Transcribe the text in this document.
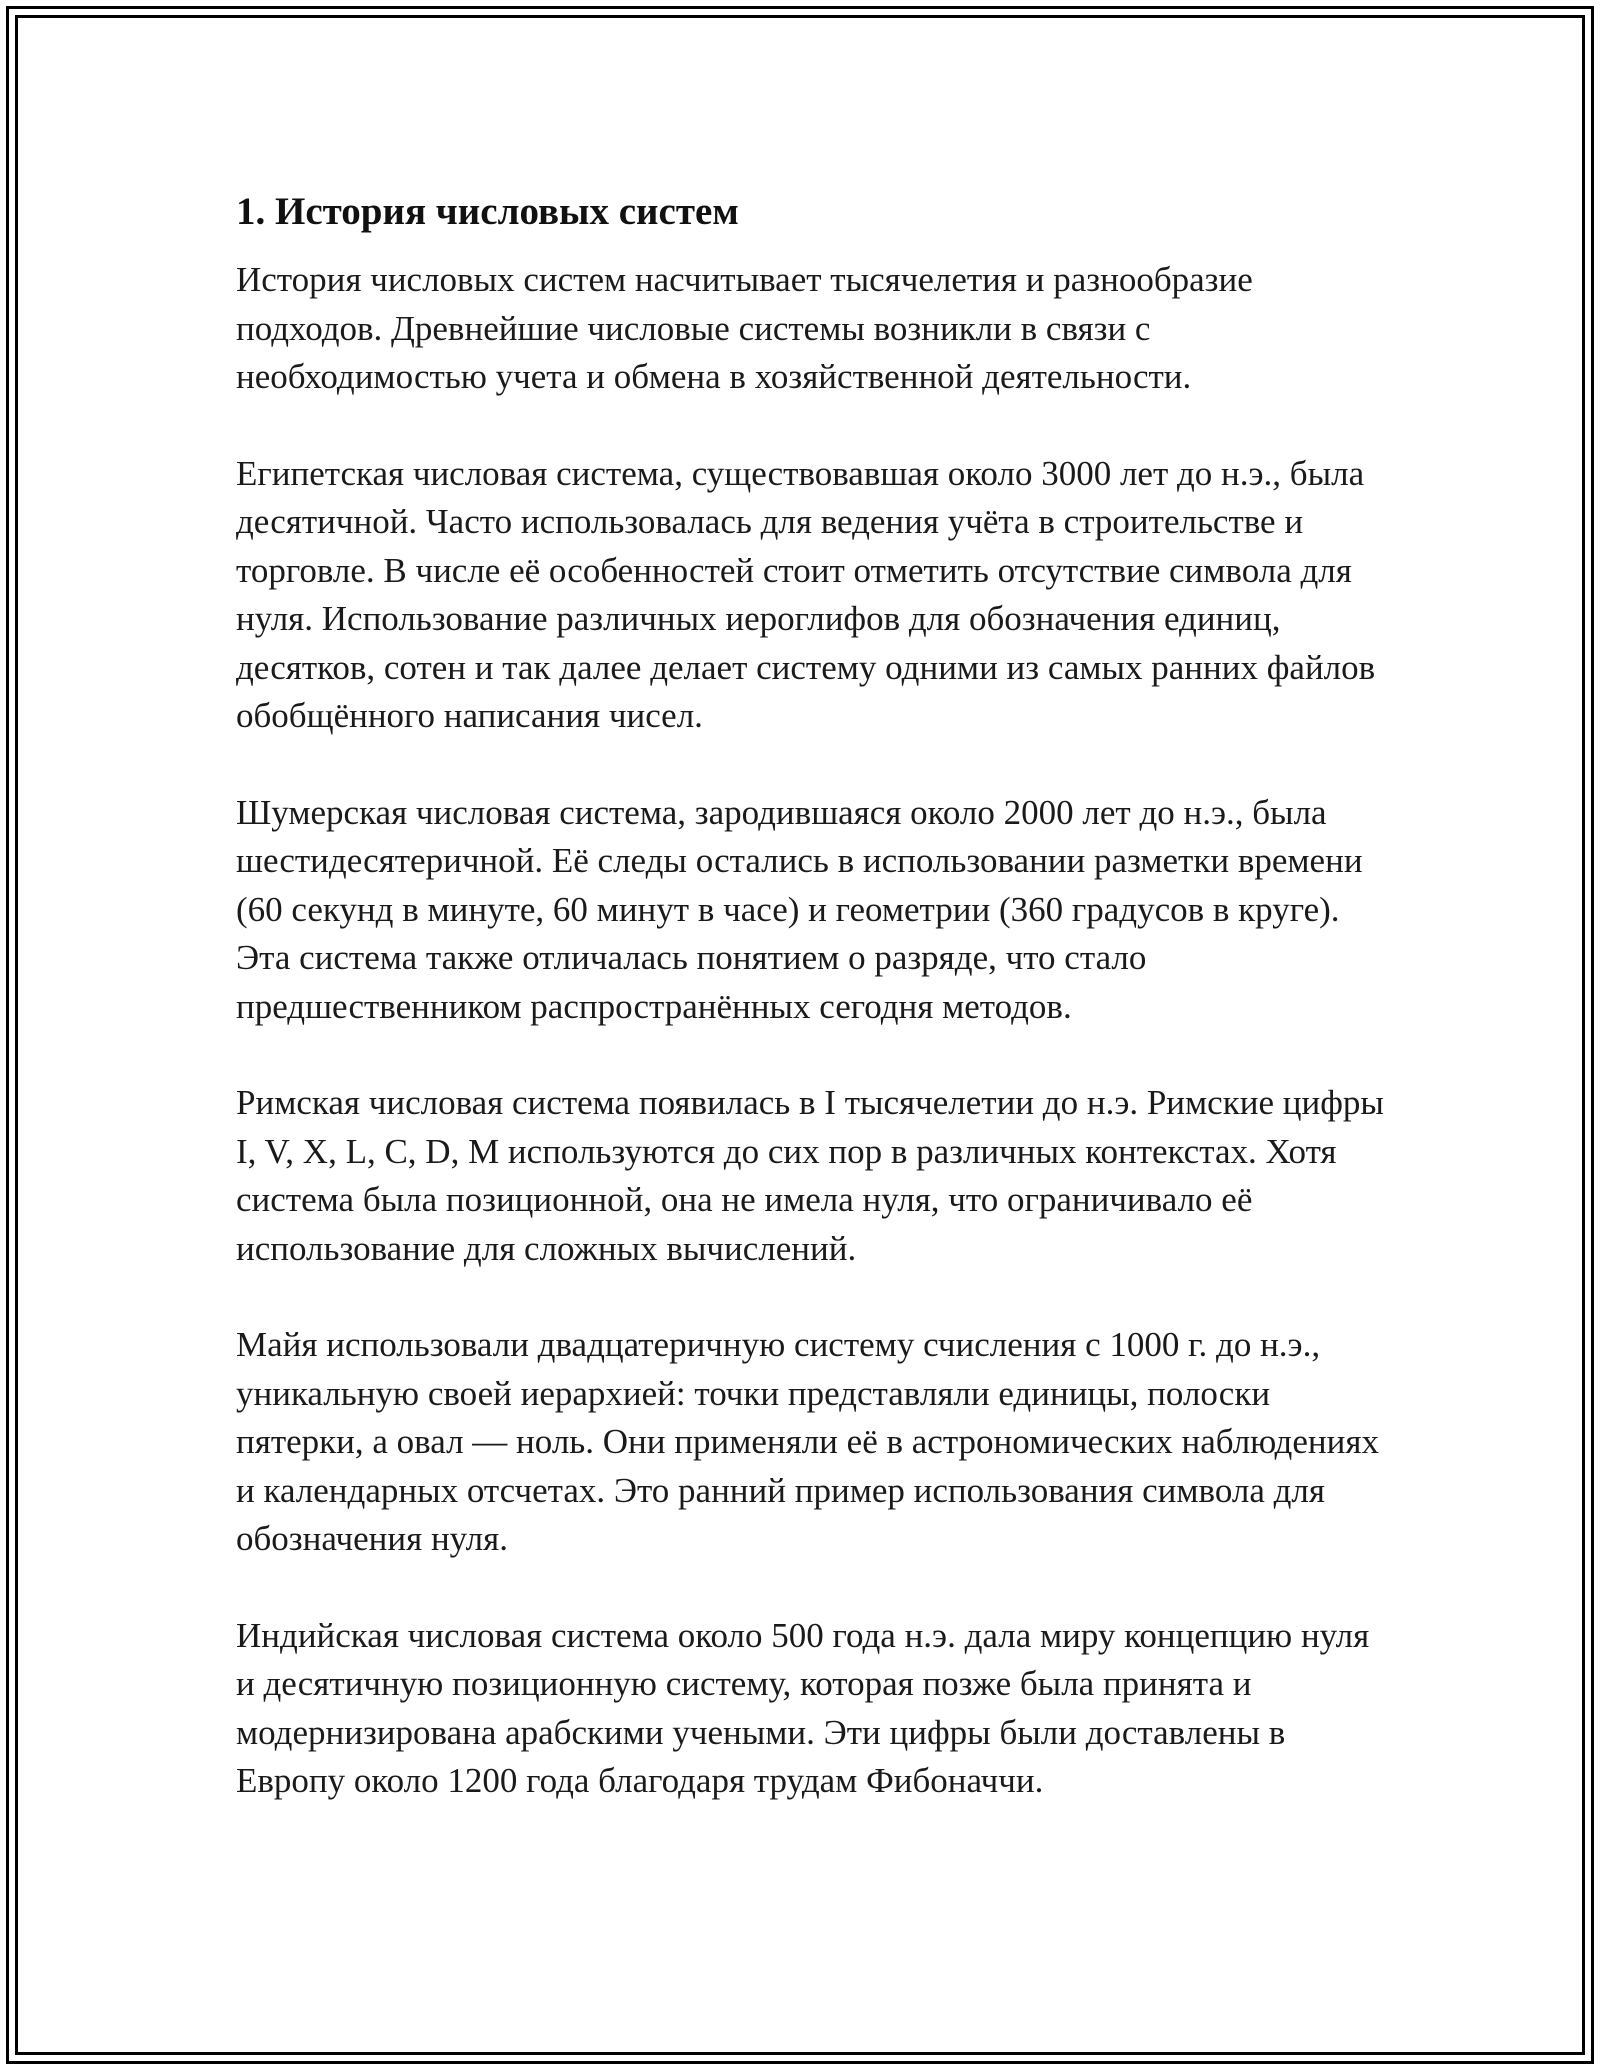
1. История числовых систем

История числовых систем насчитывает тысячелетия и разнообразие подходов. Древнейшие числовые системы возникли в связи с необходимостью учета и обмена в хозяйственной деятельности.

Египетская числовая система, существовавшая около 3000 лет до н.э., была десятичной. Часто использовалась для ведения учёта в строительстве и торговле. В числе её особенностей стоит отметить отсутствие символа для нуля. Использование различных иероглифов для обозначения единиц, десятков, сотен и так далее делает систему одними из самых ранних файлов обобщённого написания чисел.

Шумерская числовая система, зародившаяся около 2000 лет до н.э., была шестидесятеричной. Её следы остались в использовании разметки времени (60 секунд в минуте, 60 минут в часе) и геометрии (360 градусов в круге). Эта система также отличалась понятием о разряде, что стало предшественником распространённых сегодня методов.

Римская числовая система появилась в I тысячелетии до н.э. Римские цифры I, V, X, L, C, D, M используются до сих пор в различных контекстах. Хотя система была позиционной, она не имела нуля, что ограничивало её использование для сложных вычислений.

Майя использовали двадцатеричную систему счисления с 1000 г. до н.э., уникальную своей иерархией: точки представляли единицы, полоски пятерки, а овал — ноль. Они применяли её в астрономических наблюдениях и календарных отсчетах. Это ранний пример использования символа для обозначения нуля.

Индийская числовая система около 500 года н.э. дала миру концепцию нуля и десятичную позиционную систему, которая позже была принята и модернизирована арабскими учеными. Эти цифры были доставлены в Европу около 1200 года благодаря трудам Фибоначчи.
